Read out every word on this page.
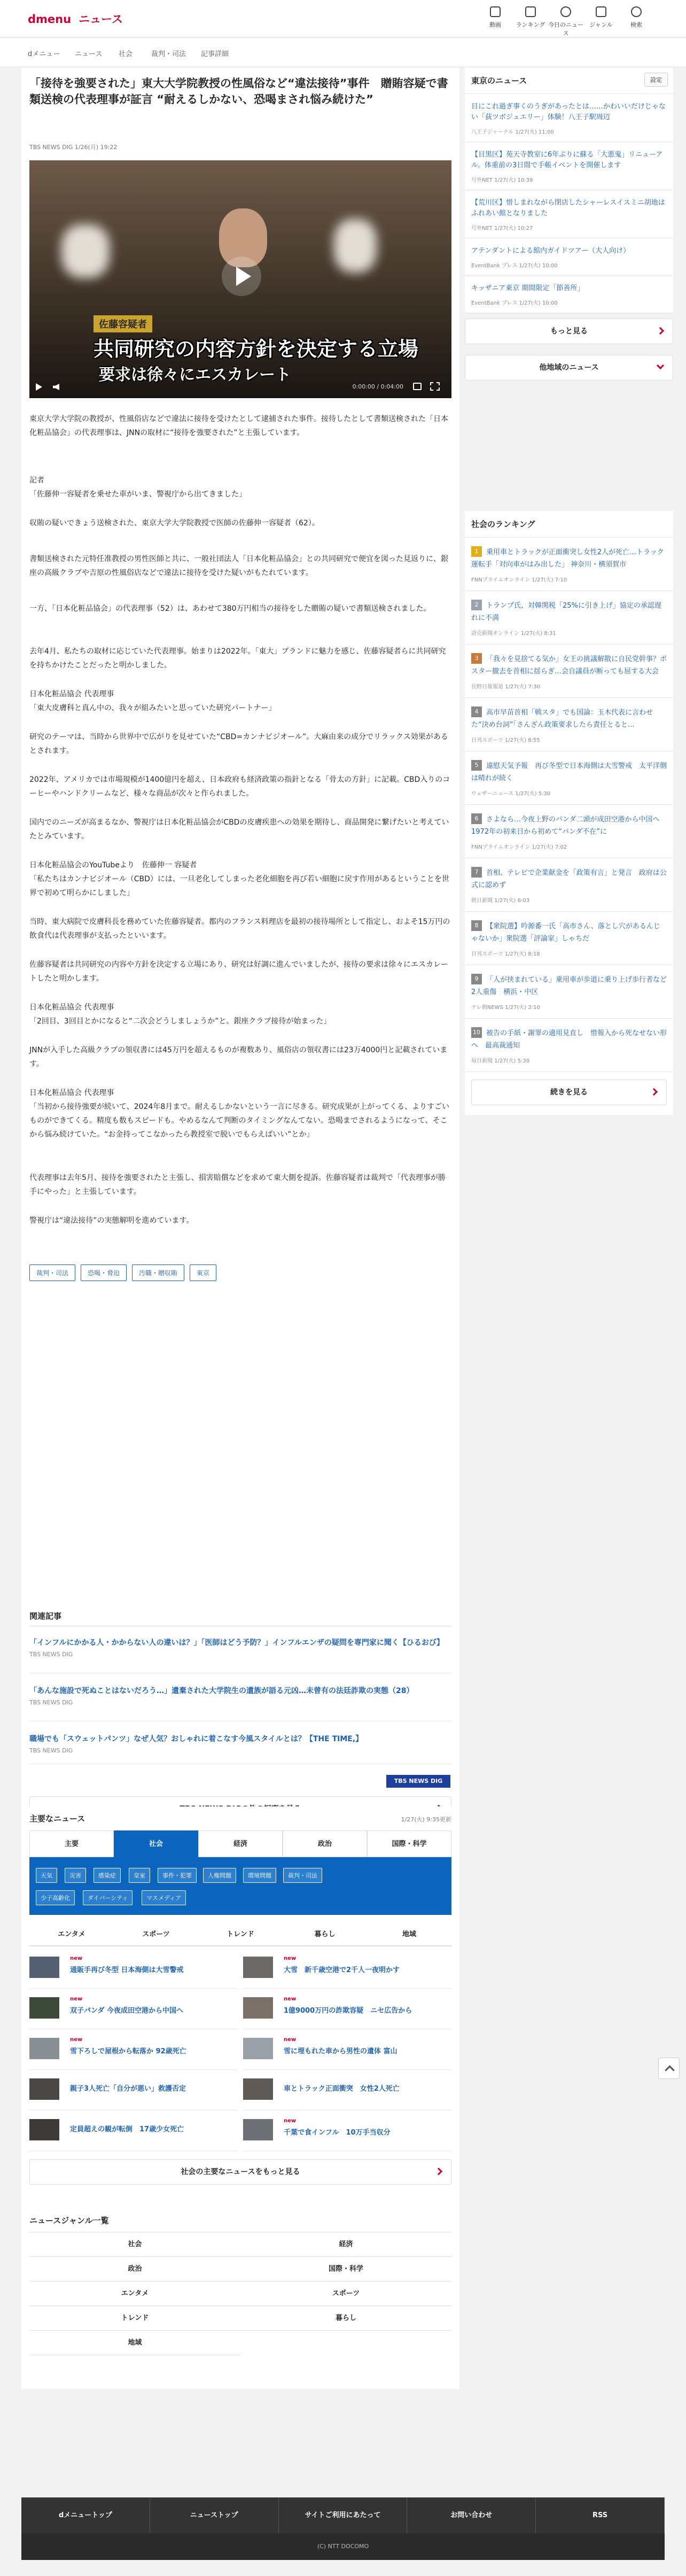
dmenu ニュース	動画	ランキング 今日のニュース
ジャンル	検索
dメニュー ニュース 社会	裁判・司法 記事詳細
「接待を強要された」東大大学院教授の性風俗など“違法接待”事件　贈賄容疑で書類送検の代表理事が証言 “耐えるしかない、恐喝まされ悩み続けた”
TBS NEWS DIG 1/26(月) 19:22
佐藤容疑者
共同研究の内容方針を決定する立場
要求は徐々にエスカレート
0:00:00 / 0:04:00

東京大学大学院の教授が、性風俗店などで違法に接待を受けたとして逮捕された事件。接待したとして書類送検された「日本化粧品協会」の代表理事は、JNNの取材に“接待を強要された”と主張しています。

記者
「佐藤伸一容疑者を乗せた車がいま、警視庁から出てきました」

収賄の疑いできょう送検された、東京大学大学院教授で医師の佐藤伸一容疑者（62）。

書類送検された元特任准教授の男性医師と共に、一般社団法人「日本化粧品協会」との共同研究で便宜を図った見返りに、銀座の高級クラブや吉原の性風俗店などで違法に接待を受けた疑いがもたれています。

一方、「日本化粧品協会」の代表理事（52）は、あわせて380万円相当の接待をした贈賄の疑いで書類送検されました。

去年4月、私たちの取材に応じていた代表理事。始まりは2022年。「東大」ブランドに魅力を感じ、佐藤容疑者らに共同研究を持ちかけたことだったと明かしました。

日本化粧品協会 代表理事
「東大皮膚科と真ん中の、我々が組みたいと思っていた研究パートナー」

研究のテーマは、当時から世界中で広がりを見せていた“CBD=カンナビジオール”。大麻由来の成分でリラックス効果があるとされます。

2022年、アメリカでは市場規模が1400億円を超え、日本政府も経済政策の指針となる「骨太の方針」に記載。CBD入りのコーヒーやハンドクリームなど、様々な商品が次々と作られました。

国内でのニーズが高まるなか、警視庁は日本化粧品協会がCBDの皮膚疾患への効果を期待し、商品開発に繋げたいと考えていたとみています。

日本化粧品協会のYouTubeより　佐藤伸一 容疑者
「私たちはカンナビジオール（CBD）には、一旦老化してしまった老化細胞を再び若い細胞に戻す作用があるということを世界で初めて明らかにしました」

当時、東大病院で皮膚科長を務めていた佐藤容疑者。都内のフランス料理店を最初の接待場所として指定し、およそ15万円の飲食代は代表理事が支払ったといいます。

佐藤容疑者は共同研究の内容や方針を決定する立場にあり、研究は好調に進んでいましたが、接待の要求は徐々にエスカレートしたと明かします。

日本化粧品協会 代表理事
「2回目、3回目とかになると“二次会どうしましょうか”と。銀座クラブ接待が始まった」

JNNが入手した高級クラブの領収書には45万円を超えるものが複数あり、風俗店の領収書には23万4000円と記載されています。

日本化粧品協会 代表理事
「当初から接待強要が続いて、2024年8月まで。耐えるしかないという一言に尽きる。研究成果が上がってくる、よりすごいものができてくる。精度も数もスピードも。やめるなんて判断のタイミングなんてない。恐喝までされるようになって、そこから悩み続けていた。“お金持ってこなかったら教授室で脱いでもらえばいい”とか」

代表理事は去年5月、接待を強要されたと主張し、損害賠償などを求めて東大側を提訴。佐藤容疑者は裁判で「代表理事が勝手にやった」と主張しています。

警視庁は“違法接待”の実態解明を進めています。

裁判・司法	恐喝・脅迫	汚職・贈収賄	東京
関連記事
「インフルにかかる人・かからない人の違いは？」「医師はどう予防？」インフルエンザの疑問を専門家に聞く【ひるおび】
TBS NEWS DIG
「あんな施設で死ぬことはないだろう…」遺棄された大学院生の遺族が語る元凶…未曾有の法廷詐欺の実態（28）
TBS NEWS DIG
職場でも「スウェットパンツ」なぜ人気？おしゃれに着こなす今風スタイルとは？【THE TIME,】
TBS NEWS DIG
TBS NEWS DIG
主要なニュース	1/27(火) 9:35更新
主要	社会	経済	政治	国際・科学
天気	災害	感染症	皇室	事件・犯罪	人権問題	環境問題	裁判・司法
少子高齢化	ダイバーシティ	マスメディア
エンタメ	スポーツ	トレンド	暮らし	地域
new
通販手再び冬型 日本海側は大雪警戒
new
大雪　新千歳空港で2千人一夜明かす
new
双子パンダ 今夜成田空港から中国へ
new
1億9000万円の詐欺容疑　ニセ広告から
new
雪下ろしで屋根から転落か 92歳死亡
new
雪に埋もれた車から男性の遺体 富山
親子3人死亡「自分が悪い」救護否定	車とトラック正面衝突　女性2人死亡
定員超えの観が転倒　17歳少女死亡
new
千葉で食インフル　10万手当収分
社会の主要なニュースをもっと見る
ニュースジャンル一覧
社会	経済
政治	国際・科学
エンタメ	スポーツ
トレンド	暮らし
地域
東京のニュース	設定
目にこれ過ぎ事くのうぎがあったとは……かわいいだけじゃない「荻ツボジュエリー」体験！八王子駅周辺
八王子ジャーナル 1/27(火) 11:00
【目黒区】苑天寺教室に6年ぶりに蘇る「大悪鬼」リニューアル。体重前の3日間で手帳イベントを開催します
号外NET 1/27(火) 10:39
【荒川区】惜しまれながら閉店したシャーレスイスミニ胡地はふれあい館となりました
号外NET 1/27(火) 10:27
アテンダントによる館内ガイドツアー（大人向け）
EventBank プレス 1/27(火) 10:00
キッザニア東京 期間限定「節善所」
EventBank プレス 1/27(火) 10:00
もっと見る
他地域のニュース
社会のランキング
1 乗用車とトラックが正面衝突し女性2人が死亡…トラック運転手「対向車がはみ出した」 神奈川・横須賀市
FNNプライムオンライン 1/27(火) 7:10
2 トランプ氏、対韓関税「25%に引き上げ」協定の承認遅れに不満
読売新聞オンライン 1/27(火) 8:31
3 「我々を見捨てる気か」女王の挑議解散に自民党幹事？ボスター撤去を首相に揺らぎ…会自議員が断っても屈する大会
長野日報報道 1/27(火) 7:30
4 高市早苗首相「戦スタ」でも国論：玉木代表に言わせた“決め台詞”「さんざん政策要求したら責任とると...
日刊スポーツ 1/27(火) 8:55
5 遠慰天気予報　再び冬型で日本海側は大雪警戒　太平洋側は晴れが続く
ウェザーニュース 1/27(火) 5:30
6 さよなら…今夜上野のパンダ二頭が成田空港から中国へ　1972年の初来日から初めて“パンダ不在”に
FNNプライムオンライン 1/27(火) 7:02
7 首相、テレビで企業献金を「政策有言」と発言　政府は公式に認めず
朝日新聞 1/27(火) 6:03
8 【衆院選】吟源番一氏「高市さん、落とし穴があるんじゃないか」衆院選「評論家」しゃちだ
日刊スポーツ 1/27(火) 8:18
9 「人が挟まれている」乗用車が歩道に乗り上げ歩行者など2人重傷　横浜・中区
テレ朝NEWS 1/27(火) 2:10
10 被告の手紙・謝罪の適用見直し　惜報入から死なせない形へ　最高裁通知
毎日新聞 1/27(火) 5:30
続きを見る
dメニュートップ	ニューストップ	サイトご利用にあたって	お問い合わせ	RSS
(C) NTT DOCOMO
